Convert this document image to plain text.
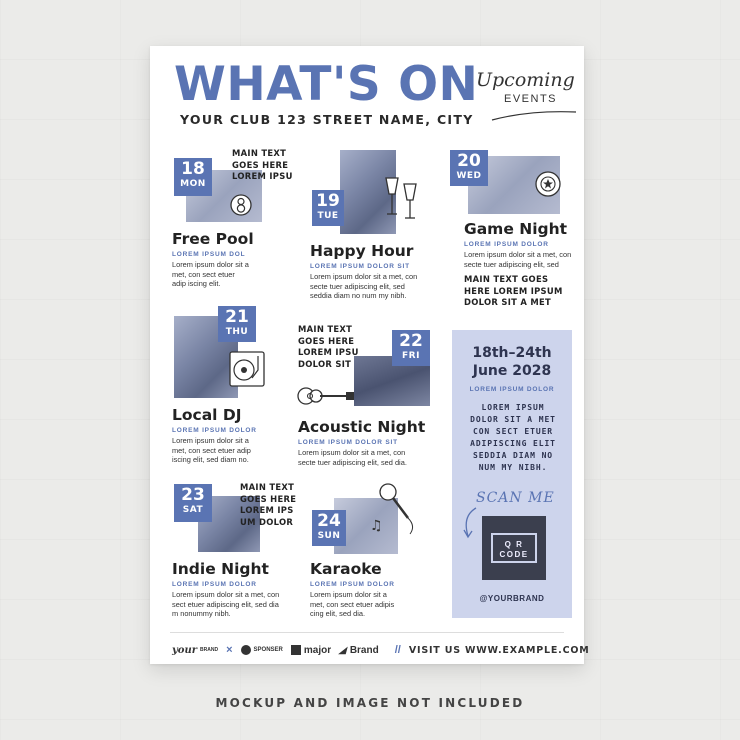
WHAT'S ON
YOUR CLUB 123 STREET NAME, CITY
Upcoming
EVENTS
18
MON
MAIN TEXT
GOES HERE
LOREM IPSU
Free Pool
LOREM IPSUM DOL
Lorem ipsum dolor sit a
met, con sect etuer
adip iscing elit.
19
TUE
Happy Hour
LOREM IPSUM DOLOR SIT
Lorem ipsum dolor sit a met, con
secte tuer adipiscing elit, sed
seddia diam no num my nibh.
20
WED
Game Night
LOREM IPSUM DOLOR
Lorem ipsum dolor sit a met, con
secte tuer adipiscing elit, sed
MAIN TEXT GOES
HERE LOREM IPSUM
DOLOR SIT A MET
21
THU
Local DJ
LOREM IPSUM DOLOR
Lorem ipsum dolor sit a
met, con sect etuer adip
iscing elit, sed diam no.
MAIN TEXT
GOES HERE
LOREM IPSU
DOLOR SIT
22
FRI
Acoustic Night
LOREM IPSUM DOLOR SIT
Lorem ipsum dolor sit a met, con
secte tuer adipiscing elit, sed dia.
23
SAT
MAIN TEXT
GOES HERE
LOREM IPS
UM DOLOR
Indie Night
LOREM IPSUM DOLOR
Lorem ipsum dolor sit a met, con
sect etuer adipiscing elit, sed dia
m nonummy nibh.
24
SUN
♫
Karaoke
LOREM IPSUM DOLOR
Lorem ipsum dolor sit a
met, con sect etuer adipis
cing elit, sed dia.
18th–24th
June 2028
LOREM IPSUM DOLOR
LOREM IPSUM
DOLOR SIT A MET
CON SECT ETUER
ADIPISCING ELIT
SEDDIA DIAM NO
NUM MY NIBH.
SCAN ME
Q R
CODE
@YOURBRAND
your BRAND ×	SPONSER major ◢ Brand // VISIT US WWW.EXAMPLE.COM
MOCKUP AND IMAGE NOT INCLUDED
